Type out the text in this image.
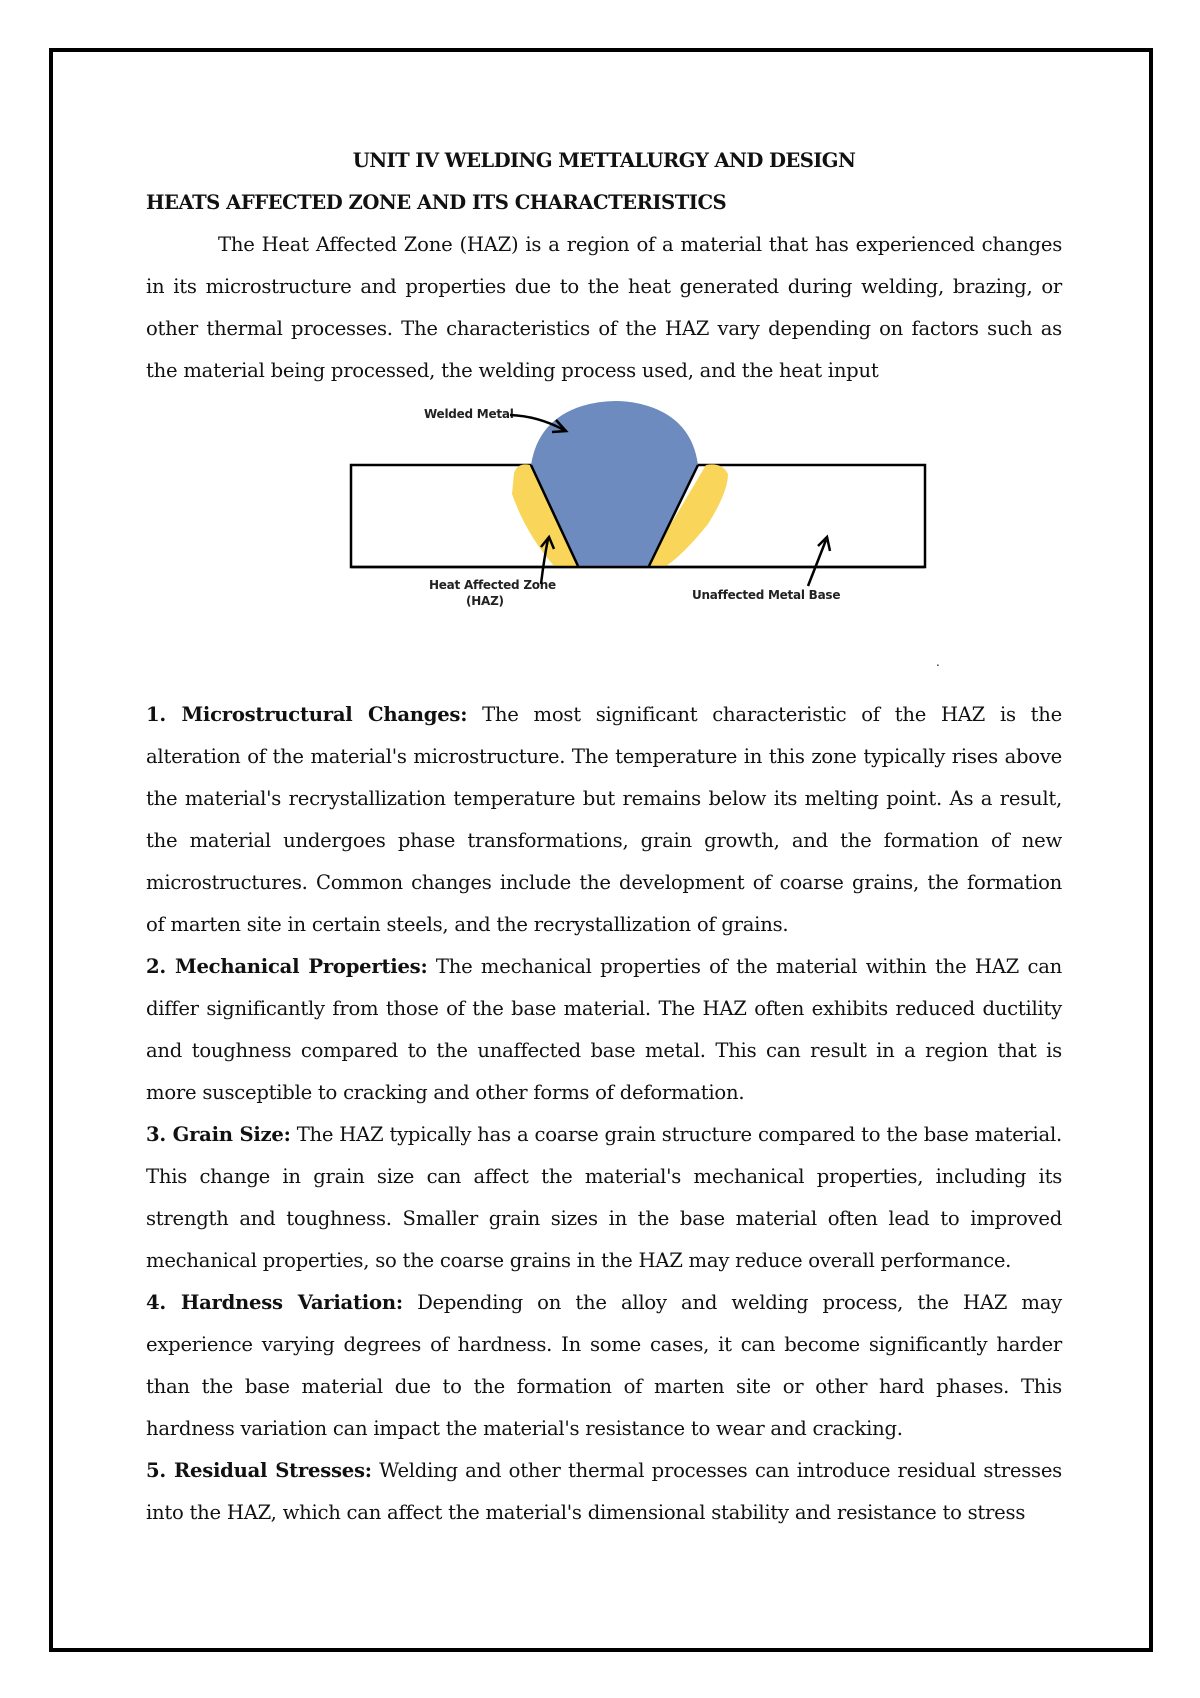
UNIT IV WELDING METTALURGY AND DESIGN

HEATS AFFECTED ZONE AND ITS CHARACTERISTICS

The Heat Affected Zone (HAZ) is a region of a material that has experienced changes in its microstructure and properties due to the heat generated during welding, brazing, or other thermal processes. The characteristics of the HAZ vary depending on factors such as the material being processed, the welding process used, and the heat input

Welded Metal
Heat Affected Zone
(HAZ)	Unaffected Metal Base
.

1. Microstructural Changes: The most significant characteristic of the HAZ is the alteration of the material's microstructure. The temperature in this zone typically rises above the material's recrystallization temperature but remains below its melting point. As a result, the material undergoes phase transformations, grain growth, and the formation of new microstructures. Common changes include the development of coarse grains, the formation of marten site in certain steels, and the recrystallization of grains.

2. Mechanical Properties: The mechanical properties of the material within the HAZ can differ significantly from those of the base material. The HAZ often exhibits reduced ductility and toughness compared to the unaffected base metal. This can result in a region that is more susceptible to cracking and other forms of deformation.

3. Grain Size: The HAZ typically has a coarse grain structure compared to the base material. This change in grain size can affect the material's mechanical properties, including its strength and toughness. Smaller grain sizes in the base material often lead to improved mechanical properties, so the coarse grains in the HAZ may reduce overall performance.

4. Hardness Variation: Depending on the alloy and welding process, the HAZ may experience varying degrees of hardness. In some cases, it can become significantly harder than the base material due to the formation of marten site or other hard phases. This hardness variation can impact the material's resistance to wear and cracking.

5. Residual Stresses: Welding and other thermal processes can introduce residual stresses into the HAZ, which can affect the material's dimensional stability and resistance to stress
